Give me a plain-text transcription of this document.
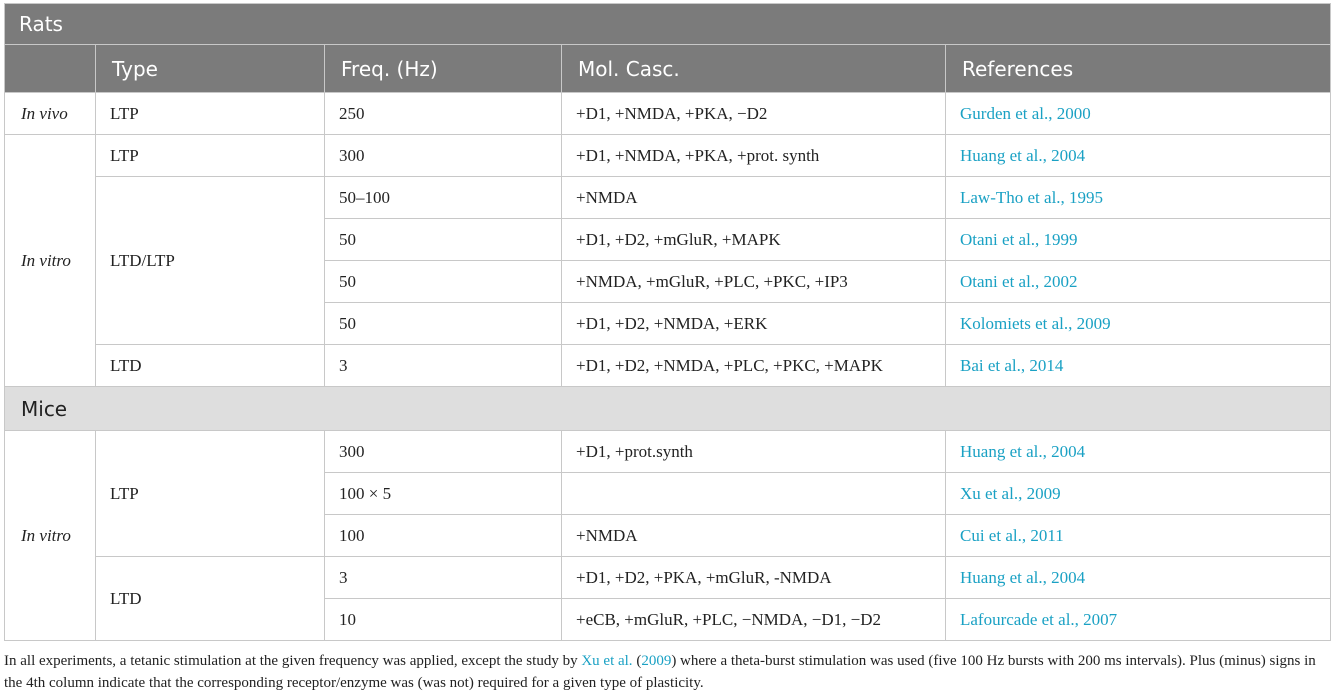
Rats				
	Type	Freq. (Hz)	Mol. Casc.	References
In vivo	LTP	250	+D1, +NMDA, +PKA, −D2	Gurden et al., 2000
In vitro	LTP	300	+D1, +NMDA, +PKA, +prot. synth	Huang et al., 2004
	LTD/LTP	50–100	+NMDA	Law-Tho et al., 1995
		50	+D1, +D2, +mGluR, +MAPK	Otani et al., 1999
		50	+NMDA, +mGluR, +PLC, +PKC, +IP3	Otani et al., 2002
		50	+D1, +D2, +NMDA, +ERK	Kolomiets et al., 2009
	LTD	3	+D1, +D2, +NMDA, +PLC, +PKC, +MAPK	Bai et al., 2014
Mice				
In vitro	LTP	300	+D1, +prot.synth	Huang et al., 2004
		100 × 5		Xu et al., 2009
		100	+NMDA	Cui et al., 2011
	LTD	3	+D1, +D2, +PKA, +mGluR, -NMDA	Huang et al., 2004
		10	+eCB, +mGluR, +PLC, −NMDA, −D1, −D2	Lafourcade et al., 2007
In all experiments, a tetanic stimulation at the given frequency was applied, except the study by Xu et al. (2009) where a theta-burst stimulation was used (five 100 Hz bursts with 200 ms intervals). Plus (minus) signs in the 4th column indicate that the corresponding receptor/enzyme was (was not) required for a given type of plasticity.
